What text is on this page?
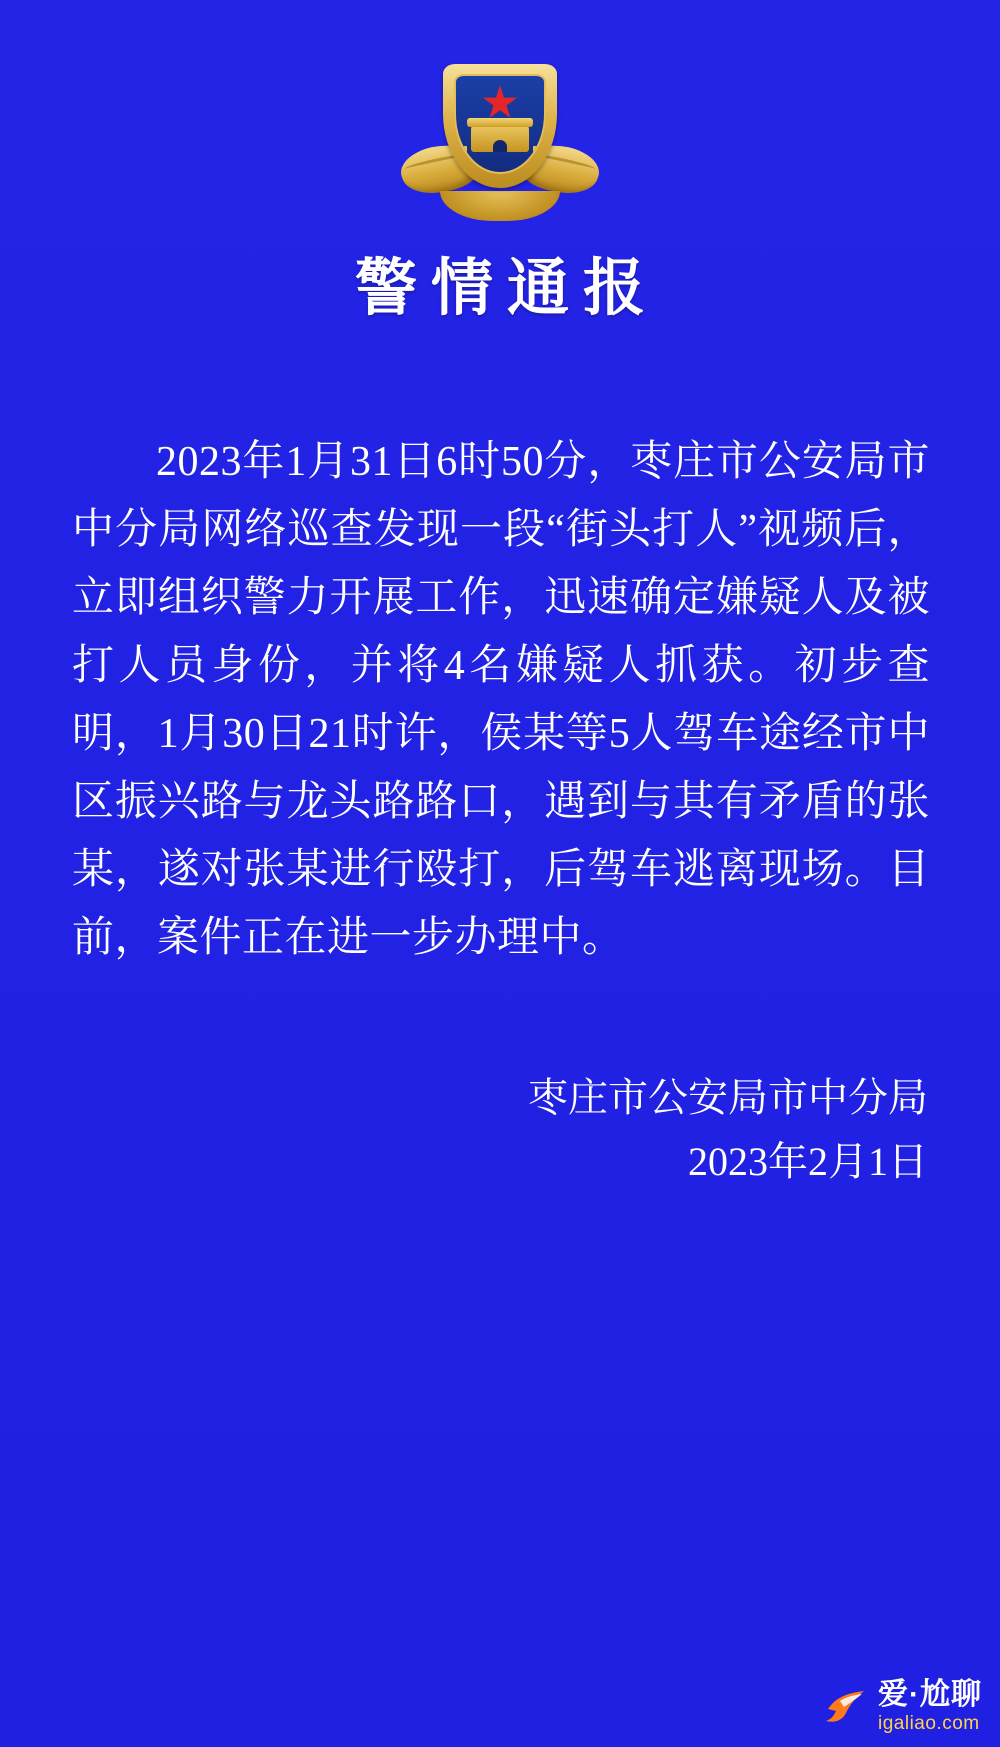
警情通报

2023年1月31日6时50分，枣庄市公安局市中分局网络巡查发现一段“街头打人”视频后，立即组织警力开展工作，迅速确定嫌疑人及被打人员身份，并将4名嫌疑人抓获。初步查明，1月30日21时许，侯某等5人驾车途经市中区振兴路与龙头路路口，遇到与其有矛盾的张某，遂对张某进行殴打，后驾车逃离现场。目前，案件正在进一步办理中。

枣庄市公安局市中分局
2023年2月1日
爱·尬聊
igaliao.com
